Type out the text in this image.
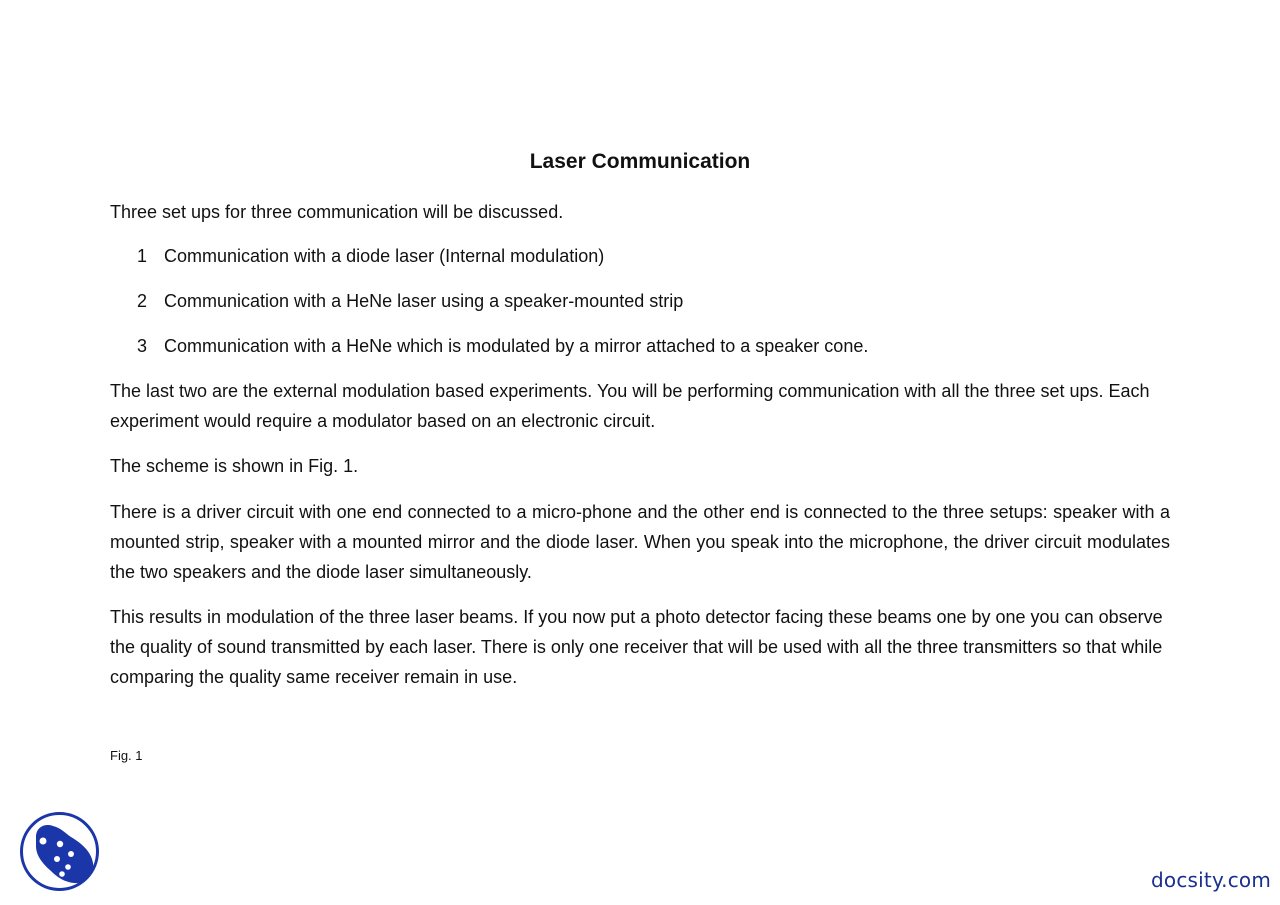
Laser Communication
Three set ups for three communication will be discussed.
1 Communication with a diode laser (Internal modulation)
2 Communication with a HeNe laser using a speaker-mounted strip
3 Communication with a HeNe which is modulated by a mirror attached to a speaker cone.
The last two are the external modulation based experiments. You will be performing communication with all the three set ups. Each experiment would require a modulator based on an electronic circuit.
The scheme is shown in Fig. 1.
There is a driver circuit with one end connected to a micro-phone and the other end is connected to the three setups: speaker with a mounted strip, speaker with a mounted mirror and the diode laser. When you speak into the microphone, the driver circuit modulates the two speakers and the diode laser simultaneously.
This results in modulation of the three laser beams. If you now put a photo detector facing these beams one by one you can observe the quality of sound transmitted by each laser. There is only one receiver that will be used with all the three transmitters so that while comparing the quality same receiver remain in use.
Fig. 1
docsity.com
